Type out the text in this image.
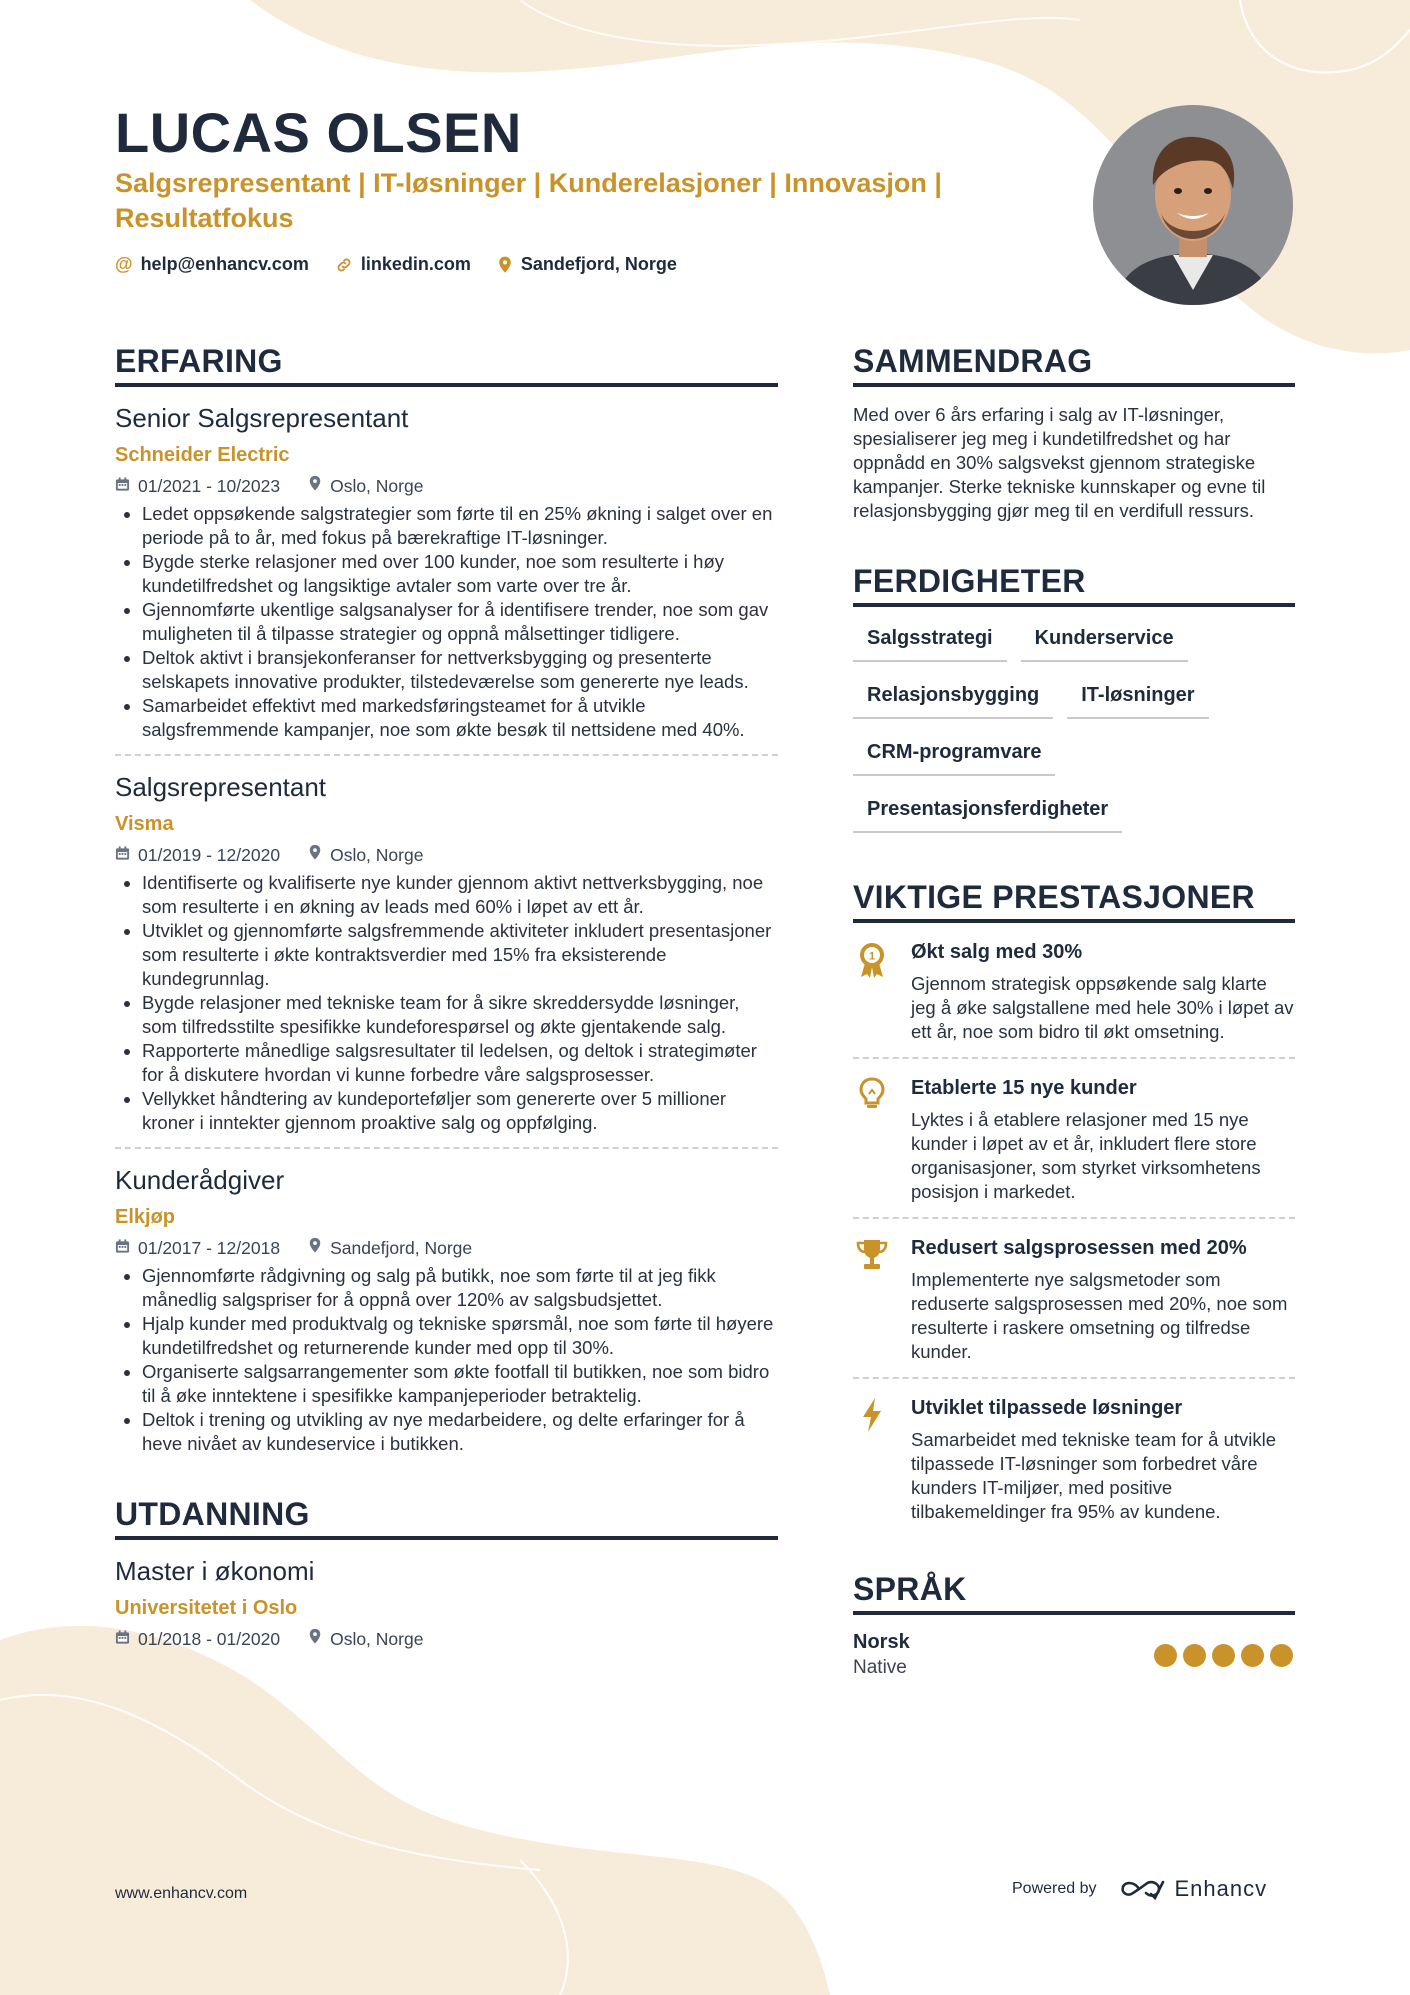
LUCAS OLSEN
Salgsrepresentant | IT-løsninger | Kunderelasjoner | Innovasjon | Resultatfokus
@ help@enhancv.com	linkedin.com	Sandefjord, Norge
ERFARING
Senior Salgsrepresentant
Schneider Electric
01/2021 - 10/2023	Oslo, Norge
• Ledet oppsøkende salgstrategier som førte til en 25% økning i salget over en periode på to år, med fokus på bærekraftige IT-løsninger.
• Bygde sterke relasjoner med over 100 kunder, noe som resulterte i høy kundetilfredshet og langsiktige avtaler som varte over tre år.
• Gjennomførte ukentlige salgsanalyser for å identifisere trender, noe som gav muligheten til å tilpasse strategier og oppnå målsettinger tidligere.
• Deltok aktivt i bransjekonferanser for nettverksbygging og presenterte selskapets innovative produkter, tilstedeværelse som genererte nye leads.
• Samarbeidet effektivt med markedsføringsteamet for å utvikle salgsfremmende kampanjer, noe som økte besøk til nettsidene med 40%.
Salgsrepresentant
Visma
01/2019 - 12/2020	Oslo, Norge
• Identifiserte og kvalifiserte nye kunder gjennom aktivt nettverksbygging, noe som resulterte i en økning av leads med 60% i løpet av ett år.
• Utviklet og gjennomførte salgsfremmende aktiviteter inkludert presentasjoner som resulterte i økte kontraktsverdier med 15% fra eksisterende kundegrunnlag.
• Bygde relasjoner med tekniske team for å sikre skreddersydde løsninger, som tilfredsstilte spesifikke kundeforespørsel og økte gjentakende salg.
• Rapporterte månedlige salgsresultater til ledelsen, og deltok i strategimøter for å diskutere hvordan vi kunne forbedre våre salgsprosesser.
• Vellykket håndtering av kundeporteføljer som genererte over 5 millioner kroner i inntekter gjennom proaktive salg og oppfølging.
Kunderådgiver
Elkjøp
01/2017 - 12/2018	Sandefjord, Norge
• Gjennomførte rådgivning og salg på butikk, noe som førte til at jeg fikk månedlig salgspriser for å oppnå over 120% av salgsbudsjettet.
• Hjalp kunder med produktvalg og tekniske spørsmål, noe som førte til høyere kundetilfredshet og returnerende kunder med opp til 30%.
• Organiserte salgsarrangementer som økte footfall til butikken, noe som bidro til å øke inntektene i spesifikke kampanjeperioder betraktelig.
• Deltok i trening og utvikling av nye medarbeidere, og delte erfaringer for å heve nivået av kundeservice i butikken.
UTDANNING
Master i økonomi
Universitetet i Oslo
01/2018 - 01/2020	Oslo, Norge
SAMMENDRAG
Med over 6 års erfaring i salg av IT-løsninger, spesialiserer jeg meg i kundetilfredshet og har oppnådd en 30% salgsvekst gjennom strategiske kampanjer. Sterke tekniske kunnskaper og evne til relasjonsbygging gjør meg til en verdifull ressurs.
FERDIGHETER
Salgsstrategi	Kunderservice
Relasjonsbygging	IT-løsninger
CRM-programvare
Presentasjonsferdigheter
VIKTIGE PRESTASJONER
1 Økt salg med 30%
Gjennom strategisk oppsøkende salg klarte jeg å øke salgstallene med hele 30% i løpet av ett år, noe som bidro til økt omsetning.
Etablerte 15 nye kunder
Lyktes i å etablere relasjoner med 15 nye kunder i løpet av et år, inkludert flere store organisasjoner, som styrket virksomhetens posisjon i markedet.
Redusert salgsprosessen med 20%
Implementerte nye salgsmetoder som reduserte salgsprosessen med 20%, noe som resulterte i raskere omsetning og tilfredse kunder.
Utviklet tilpassede løsninger
Samarbeidet med tekniske team for å utvikle tilpassede IT-løsninger som forbedret våre kunders IT-miljøer, med positive tilbakemeldinger fra 95% av kundene.
SPRÅK
Norsk
Native
www.enhancv.com	Powered by	Enhancv
